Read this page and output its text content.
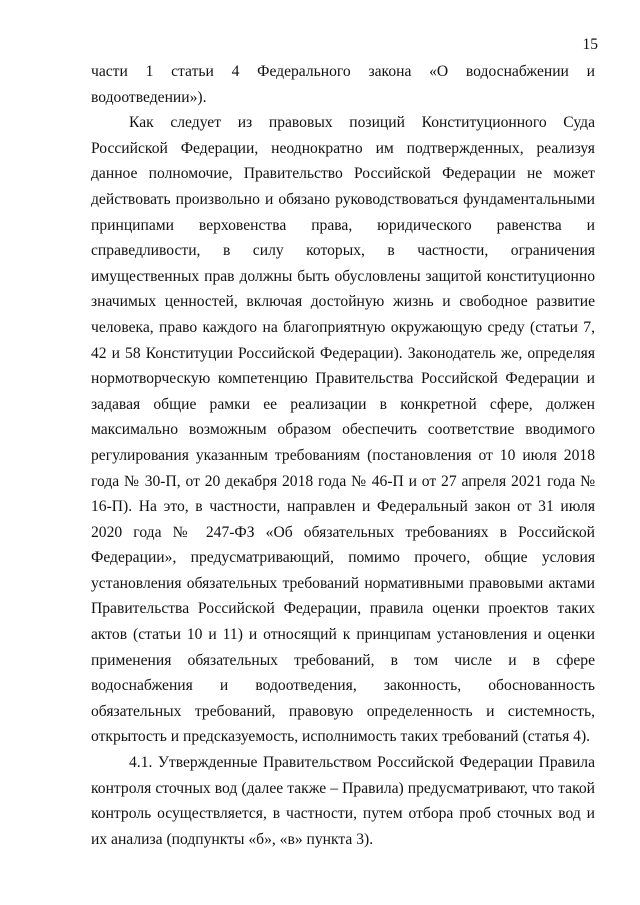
15

части 1 статьи 4 Федерального закона «О водоснабжении и водоотведении»).

Как следует из правовых позиций Конституционного Суда Российской Федерации, неоднократно им подтвержденных, реализуя данное полномочие, Правительство Российской Федерации не может действовать произвольно и обязано руководствоваться фундаментальными принципами верховенства права, юридического равенства и справедливости, в силу которых, в частности, ограничения имущественных прав должны быть обусловлены защитой конституционно значимых ценностей, включая достойную жизнь и свободное развитие человека, право каждого на благоприятную окружающую среду (статьи 7, 42 и 58 Конституции Российской Федерации). Законодатель же, определяя нормотворческую компетенцию Правительства Российской Федерации и задавая общие рамки ее реализации в конкретной сфере, должен максимально возможным образом обеспечить соответствие вводимого регулирования указанным требованиям (постановления от 10 июля 2018 года № 30-П, от 20 декабря 2018 года № 46-П и от 27 апреля 2021 года № 16-П). На это, в частности, направлен и Федеральный закон от 31 июля 2020 года № 247-ФЗ «Об обязательных требованиях в Российской Федерации», предусматривающий, помимо прочего, общие условия установления обязательных требований нормативными правовыми актами Правительства Российской Федерации, правила оценки проектов таких актов (статьи 10 и 11) и относящий к принципам установления и оценки применения обязательных требований, в том числе и в сфере водоснабжения и водоотведения, законность, обоснованность обязательных требований, правовую определенность и системность, открытость и предсказуемость, исполнимость таких требований (статья 4).

4.1. Утвержденные Правительством Российской Федерации Правила контроля сточных вод (далее также – Правила) предусматривают, что такой контроль осуществляется, в частности, путем отбора проб сточных вод и их анализа (подпункты «б», «в» пункта 3).
